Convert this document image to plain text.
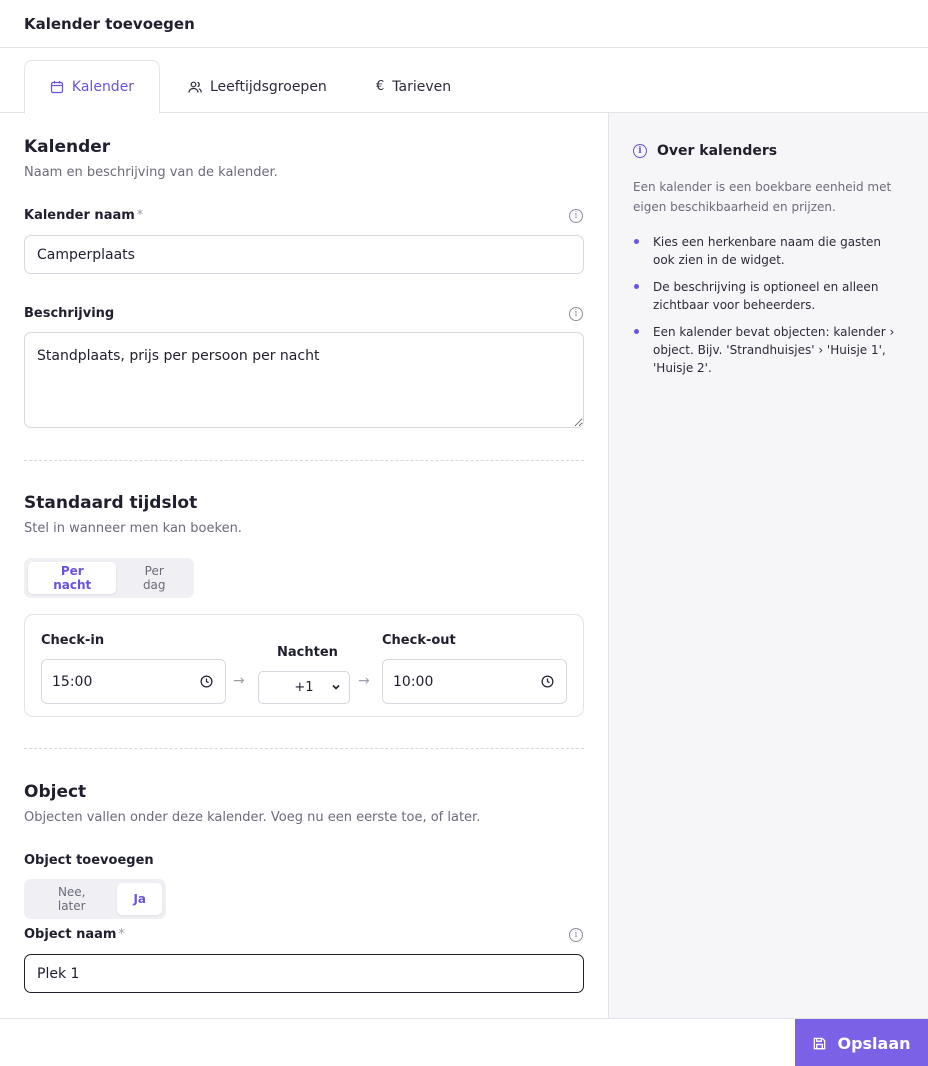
Kalender toevoegen
Kalender	Leeftijdsgroepen	€ Tarieven
Kalender
Naam en beschrijving van de kalender.
Kalender naam *	i
Camperplaats
Beschrijving	i
Standplaats, prijs per persoon per nacht
Standaard tijdslot
Stel in wanneer men kan boeken.
Per nacht
Per dag
Check-in
15:00	→
Nachten
+1	→
Check-out
10:00
Object
Objecten vallen onder deze kalender. Voeg nu een eerste toe, of later.
Object toevoegen
Nee, later	Ja
Object naam *	i
Plek 1
i	Over kalenders

Een kalender is een boekbare eenheid met eigen beschikbaarheid en prijzen.

Kies een herkenbare naam die gasten ook zien in de widget.
De beschrijving is optioneel en alleen zichtbaar voor beheerders.
Een kalender bevat objecten: kalender › object. Bijv. 'Strandhuisjes' › 'Huisje 1', 'Huisje 2'.
Opslaan
